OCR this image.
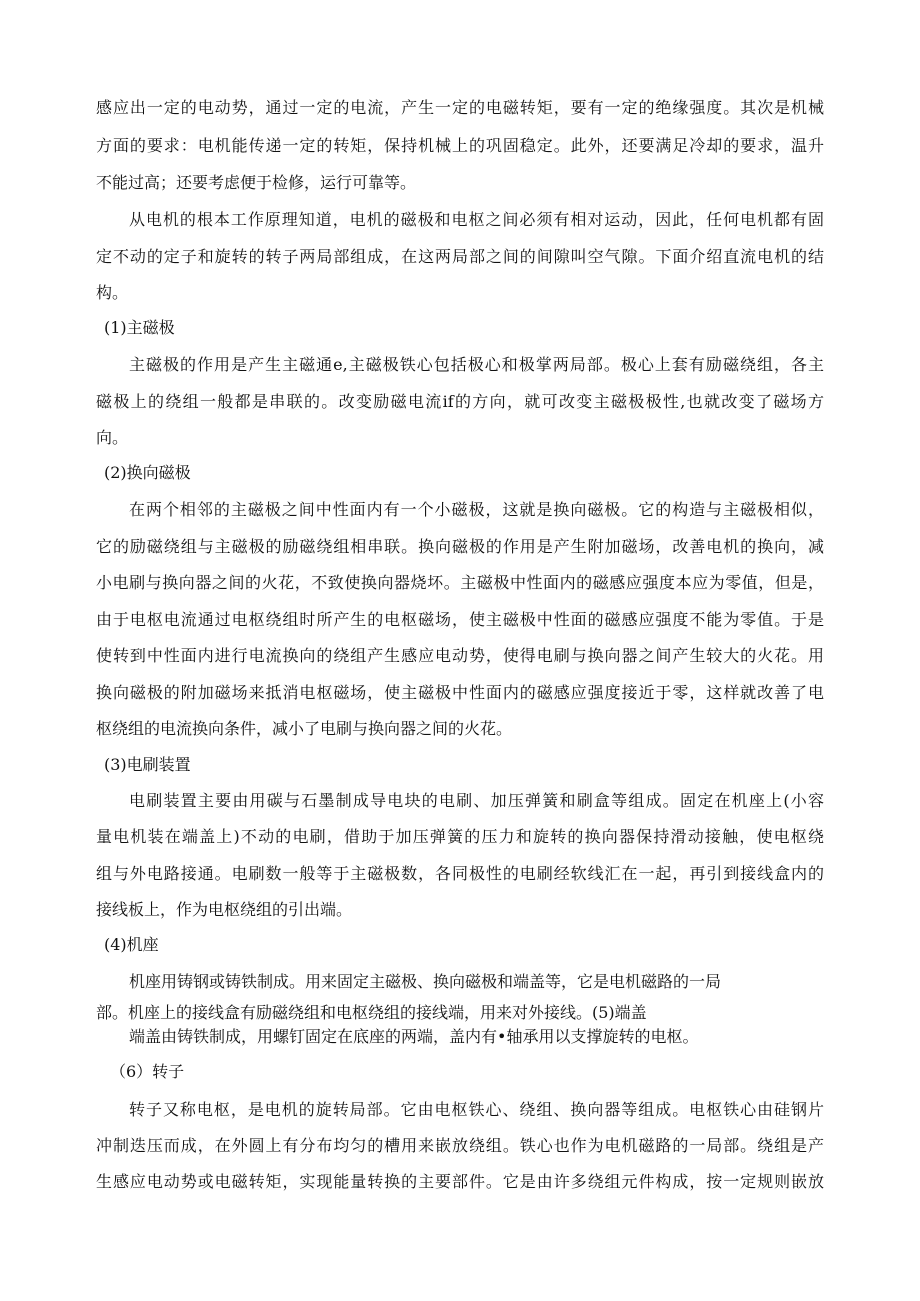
感应出一定的电动势，通过一定的电流，产生一定的电磁转矩，要有一定的绝缘强度。其次是机械
方面的要求：电机能传递一定的转矩，保持机械上的巩固稳定。此外，还要满足冷却的要求，温升
不能过高；还要考虑便于检修，运行可靠等。
从电机的根本工作原理知道，电机的磁极和电枢之间必须有相对运动，因此，任何电机都有固
定不动的定子和旋转的转子两局部组成，在这两局部之间的间隙叫空气隙。下面介绍直流电机的结
构。
(1)主磁极
主磁极的作用是产生主磁通e,主磁极铁心包括极心和极掌两局部。极心上套有励磁绕组，各主
磁极上的绕组一般都是串联的。改变励磁电流if的方向，就可改变主磁极极性,也就改变了磁场方
向。
(2)换向磁极
在两个相邻的主磁极之间中性面内有一个小磁极，这就是换向磁极。它的构造与主磁极相似，
它的励磁绕组与主磁极的励磁绕组相串联。换向磁极的作用是产生附加磁场，改善电机的换向，减
小电刷与换向器之间的火花，不致使换向器烧坏。主磁极中性面内的磁感应强度本应为零值，但是，
由于电枢电流通过电枢绕组时所产生的电枢磁场，使主磁极中性面的磁感应强度不能为零值。于是
使转到中性面内进行电流换向的绕组产生感应电动势，使得电刷与换向器之间产生较大的火花。用
换向磁极的附加磁场来抵消电枢磁场，使主磁极中性面内的磁感应强度接近于零，这样就改善了电
枢绕组的电流换向条件，减小了电刷与换向器之间的火花。
(3)电刷装置
电刷装置主要由用碳与石墨制成导电块的电刷、加压弹簧和刷盒等组成。固定在机座上(小容
量电机装在端盖上)不动的电刷，借助于加压弹簧的压力和旋转的换向器保持滑动接触，使电枢绕
组与外电路接通。电刷数一般等于主磁极数，各同极性的电刷经软线汇在一起，再引到接线盒内的
接线板上，作为电枢绕组的引出端。
(4)机座
机座用铸钢或铸铁制成。用来固定主磁极、换向磁极和端盖等，它是电机磁路的一局
部。机座上的接线盒有励磁绕组和电枢绕组的接线端，用来对外接线。(5)端盖
端盖由铸铁制成，用螺钉固定在底座的两端，盖内有•轴承用以支撑旋转的电枢。
（6）转子
转子又称电枢，是电机的旋转局部。它由电枢铁心、绕组、换向器等组成。电枢铁心由硅钢片
冲制迭压而成，在外圆上有分布均匀的槽用来嵌放绕组。铁心也作为电机磁路的一局部。绕组是产
生感应电动势或电磁转矩，实现能量转换的主要部件。它是由许多绕组元件构成，按一定规则嵌放
